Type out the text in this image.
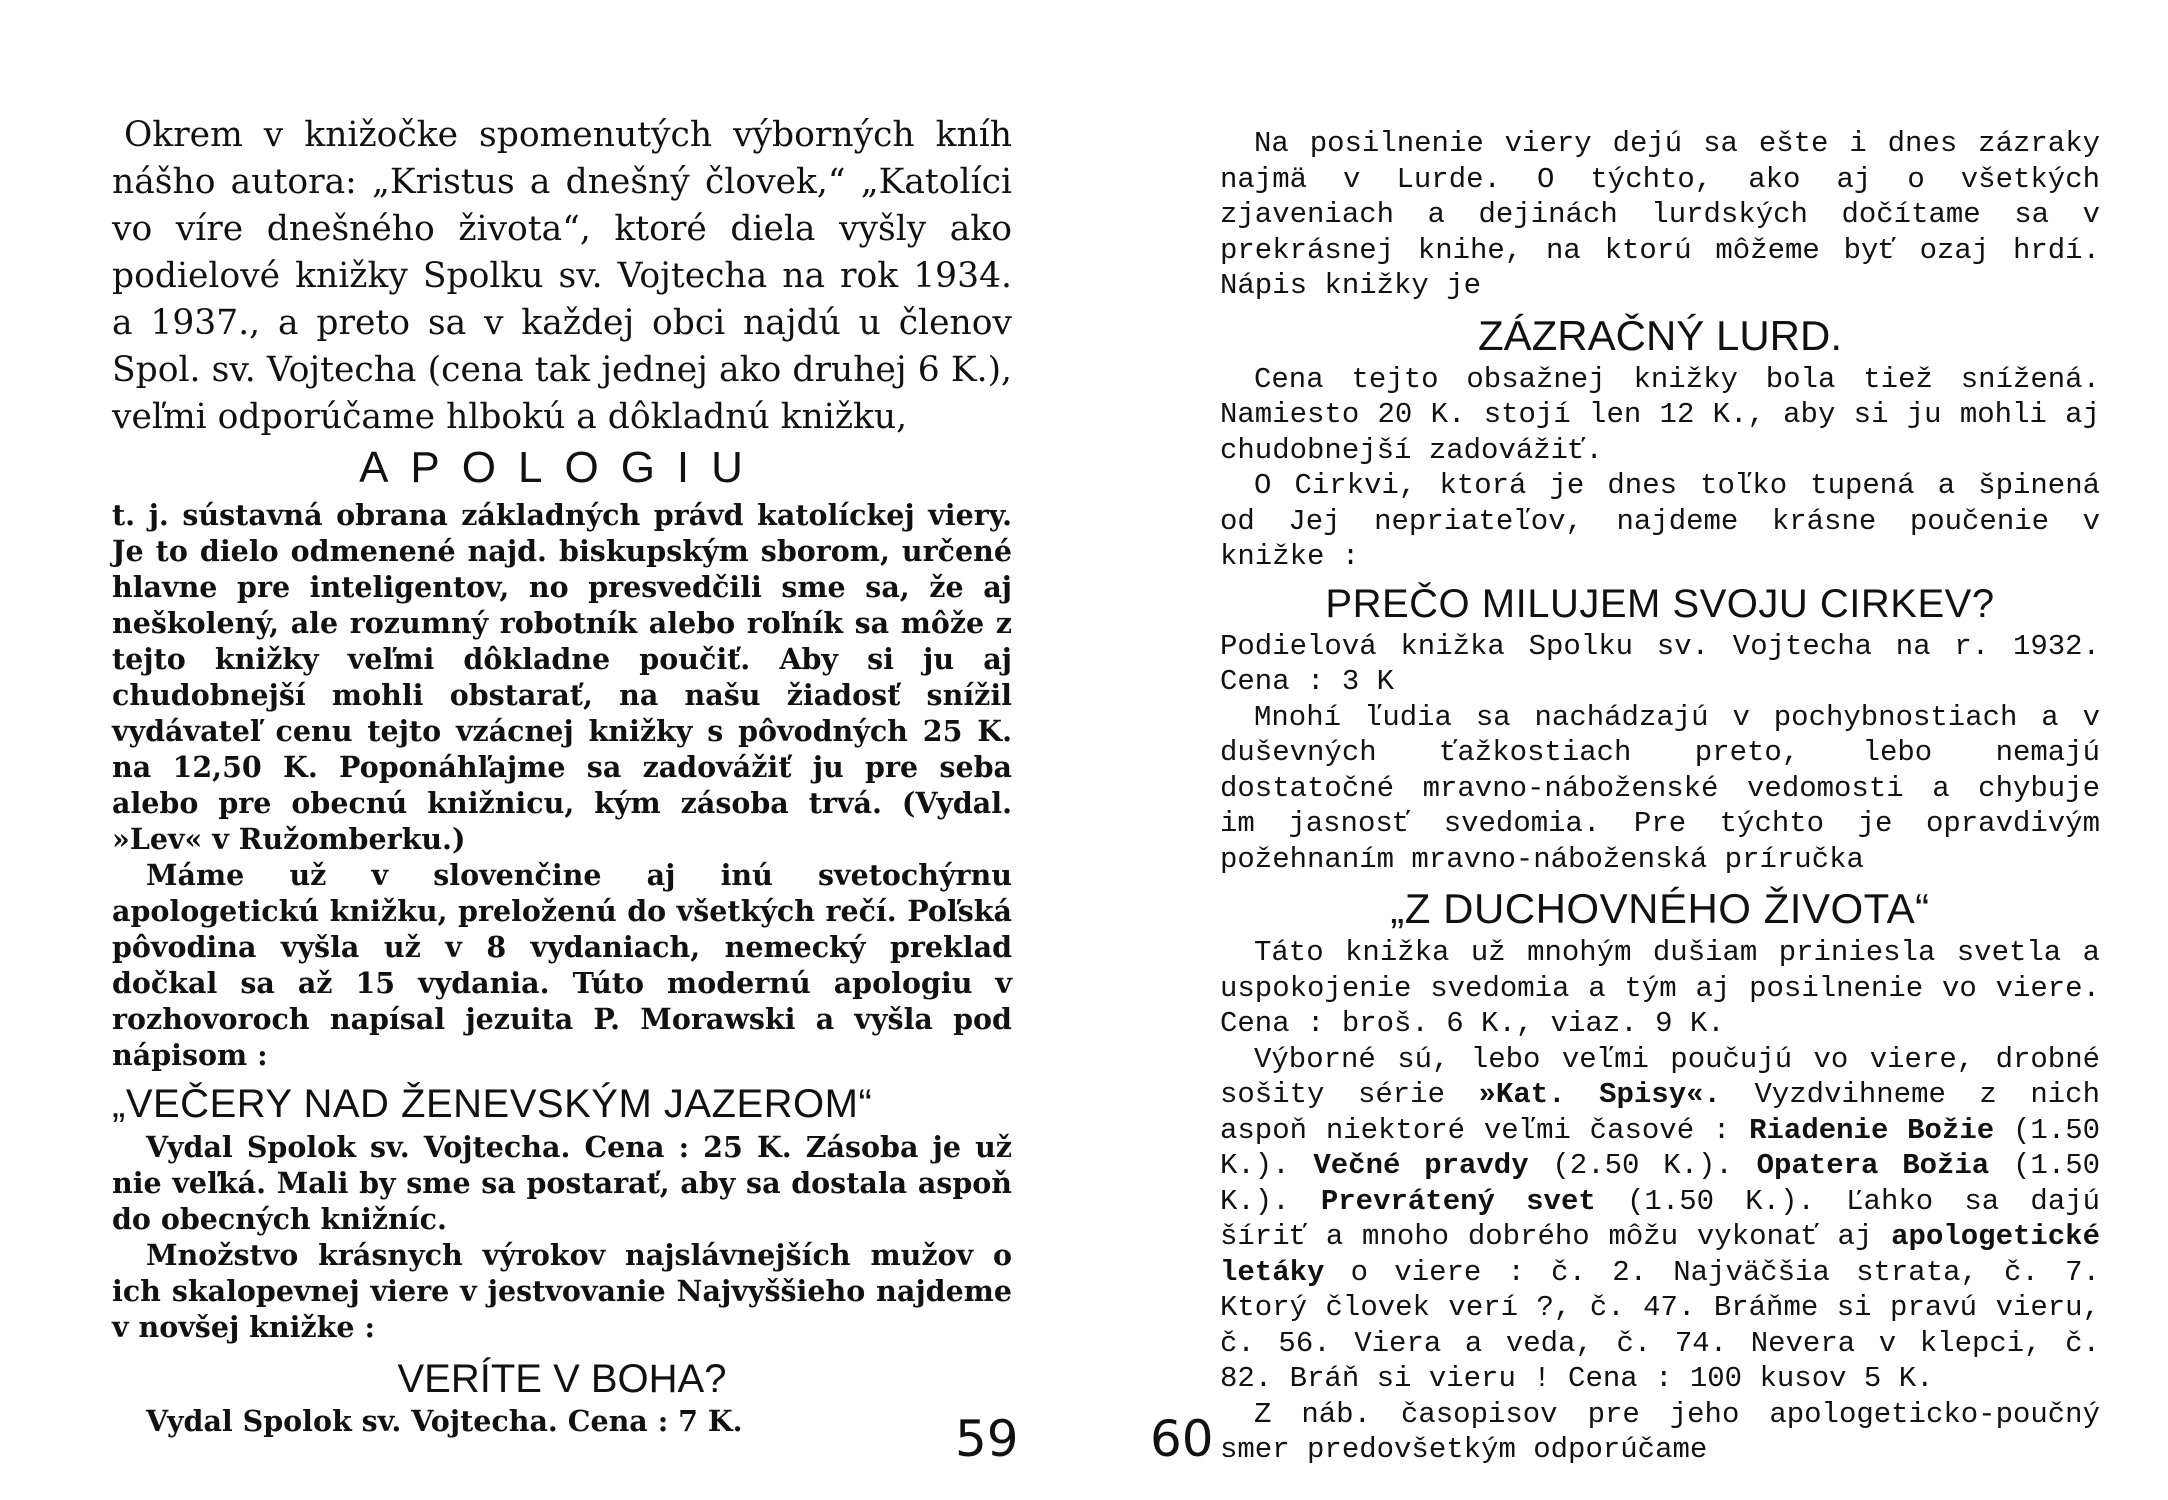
Okrem v knižočke spomenutých výborných kníh nášho autora: „Kristus a dnešný človek,“ „Katolíci vo víre dnešného života“, ktoré diela vyšly ako podielové knižky Spolku sv. Vojtecha na rok 1934. a 1937., a preto sa v každej obci najdú u členov Spol. sv. Vojtecha (cena tak jednej ako druhej 6 K.), veľmi odporúčame hlbokú a dôkladnú knižku,

APOLOGIU

t. j. sústavná obrana základných právd katolíckej viery. Je to dielo odmenené najd. biskupským sborom, určené hlavne pre inteligentov, no presvedčili sme sa, že aj neškolený, ale rozumný robotník alebo roľník sa môže z tejto knižky veľmi dôkladne poučiť. Aby si ju aj chudobnejší mohli obstarať, na našu žiadosť snížil vydávateľ cenu tejto vzácnej knižky s pôvodných 25 K. na 12,50 K. Poponáhľajme sa zadovážiť ju pre seba alebo pre obecnú knižnicu, kým zásoba trvá. (Vydal. »Lev« v Ružomberku.)

Máme už v slovenčine aj inú svetochýrnu apologetickú knižku, preloženú do všetkých rečí. Poľská pôvodina vyšla už v 8 vydaniach, nemecký preklad dočkal sa až 15 vydania. Túto modernú apologiu v rozhovoroch napísal jezuita P. Morawski a vyšla pod nápisom :

„VEČERY NAD ŽENEVSKÝM JAZEROM“

Vydal Spolok sv. Vojtecha. Cena : 25 K. Zásoba je už nie veľká. Mali by sme sa postarať, aby sa dostala aspoň do obecných knižníc.

Množstvo krásnych výrokov najslávnejších mužov o ich skalopevnej viere v jestvovanie Najvyššieho najdeme v novšej knižke :

VERÍTE V BOHA?

Vydal Spolok sv. Vojtecha. Cena : 7 K.	59

Na posilnenie viery dejú sa ešte i dnes zázraky najmä v Lurde. O týchto, ako aj o všetkých zjaveniach a dejinách lurdských dočítame sa v prekrásnej knihe, na ktorú môžeme byť ozaj hrdí. Nápis knižky je

ZÁZRAČNÝ LURD.

Cena tejto obsažnej knižky bola tiež snížená. Namiesto 20 K. stojí len 12 K., aby si ju mohli aj chudobnejší zadovážiť.

O Cirkvi, ktorá je dnes toľko tupená a špinená od Jej nepriateľov, najdeme krásne poučenie v knižke :

PREČO MILUJEM SVOJU CIRKEV?

Podielová knižka Spolku sv. Vojtecha na r. 1932. Cena : 3 K

Mnohí ľudia sa nachádzajú v pochybnostiach a v duševných ťažkostiach preto, lebo nemajú dostatočné mravno-náboženské vedomosti a chybuje im jasnosť svedomia. Pre týchto je opravdivým požehnaním mravno-náboženská príručka

„Z DUCHOVNÉHO ŽIVOTA“

Táto knižka už mnohým dušiam priniesla svetla a uspokojenie svedomia a tým aj posilnenie vo viere. Cena : broš. 6 K., viaz. 9 K.

Výborné sú, lebo veľmi poučujú vo viere, drobné sošity série »Kat. Spisy«. Vyzdvihneme z nich aspoň niektoré veľmi časové : Riadenie Božie (1.50 K.). Večné pravdy (2.50 K.). Opatera Božia (1.50 K.). Prevrátený svet (1.50 K.). Ľahko sa dajú šíriť a mnoho dobrého môžu vykonať aj apologetické letáky o viere : č. 2. Najväčšia strata, č. 7. Ktorý človek verí ?, č. 47. Bráňme si pravú vieru, č. 56. Viera a veda, č. 74. Nevera v klepci, č. 82. Bráň si vieru ! Cena : 100 kusov 5 K.

Z náb. časopisov pre jeho apologeticko-poučný smer predovšetkým odporúčame

60
